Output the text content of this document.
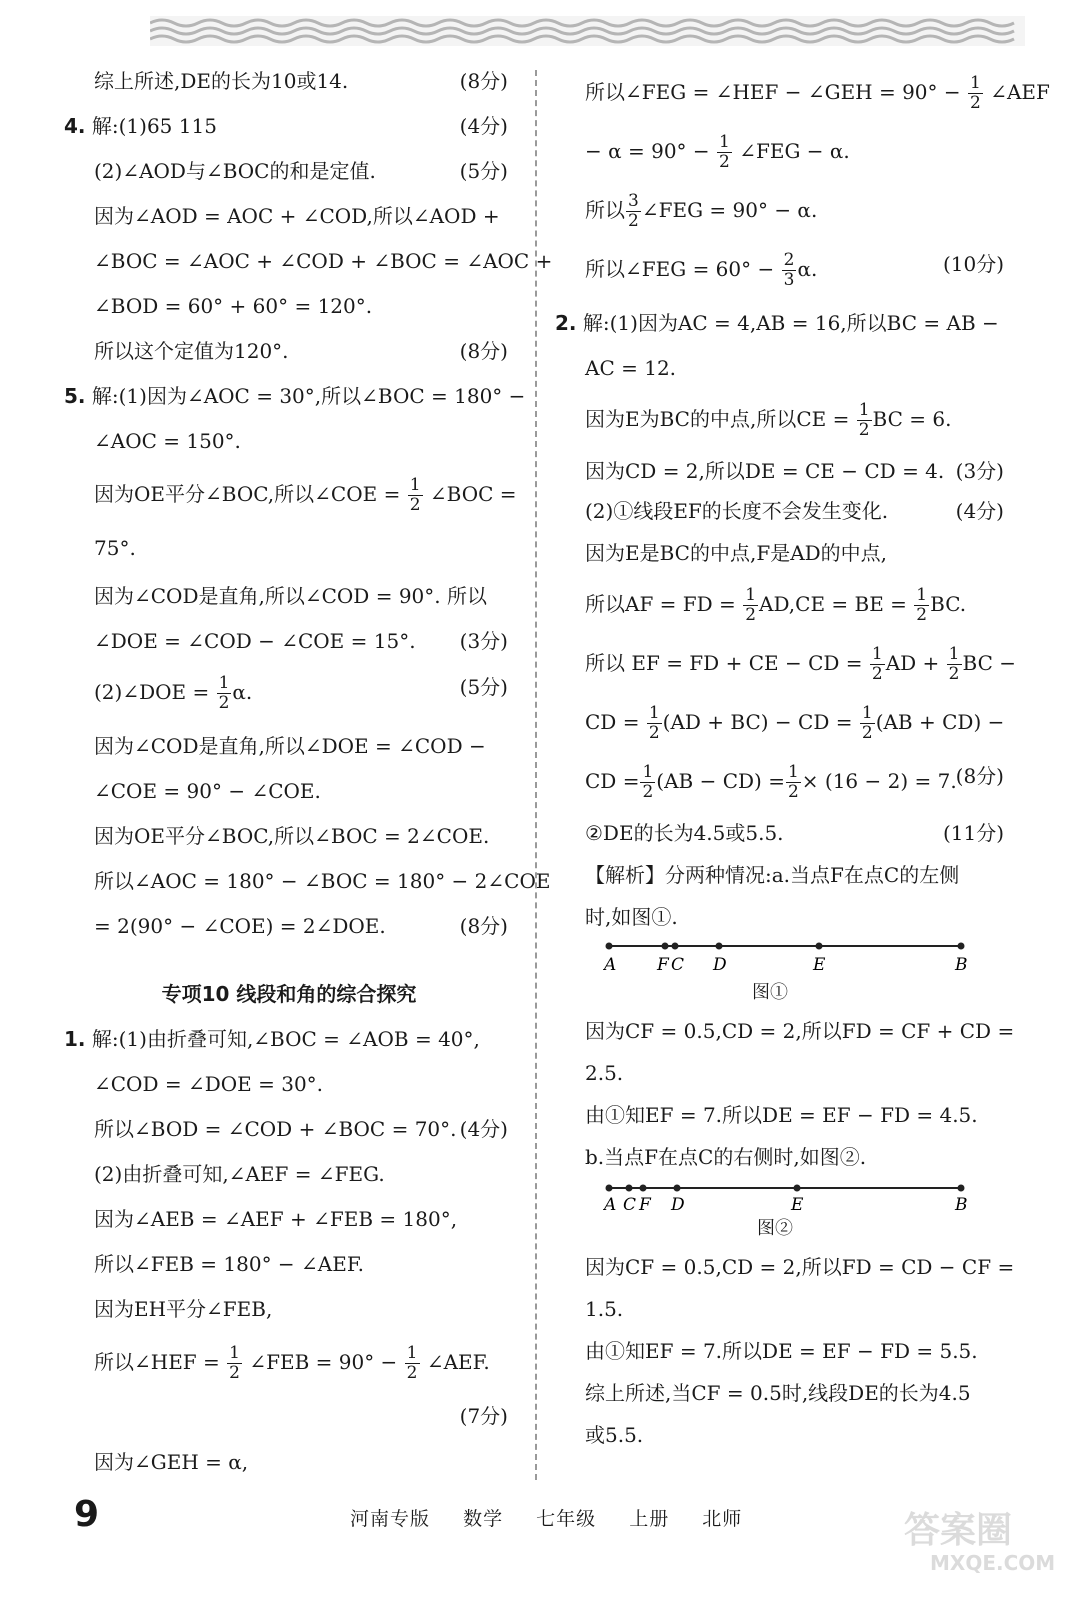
综上所述,DE的长为10或14.	(8分)
4. 解:(1)65 115	(4分)
(2)∠AOD与∠BOC的和是定值.	(5分)
因为∠AOD = AOC + ∠COD,所以∠AOD +
∠BOC = ∠AOC + ∠COD + ∠BOC = ∠AOC +
∠BOD = 60° + 60° = 120°.
所以这个定值为120°.	(8分)
5. 解:(1)因为∠AOC = 30°,所以∠BOC = 180° −
∠AOC = 150°.
因为OE平分∠BOC,所以∠COE = $\frac{1}{2}$ ∠BOC =
75°.
因为∠COD是直角,所以∠COD = 90°. 所以
∠DOE = ∠COD − ∠COE = 15°. (3分)
(2)∠DOE = $\frac{1}{2} \alpha$.	(5分)
因为∠COD是直角,所以∠DOE = ∠COD −
∠COE = 90° − ∠COE.
因为OE平分∠BOC,所以∠BOC = 2∠COE.
所以∠AOC = 180° − ∠BOC = 180° − 2∠COE
= 2(90° − ∠COE) = 2∠DOE.	(8分)
专项10 线段和角的综合探究
1. 解:(1)由折叠可知,∠BOC = ∠AOB = 40°,
∠COD = ∠DOE = 30°.
所以∠BOD = ∠COD + ∠BOC = 70°. (4分)
(2)由折叠可知,∠AEF = ∠FEG.
因为∠AEB = ∠AEF + ∠FEB = 180°,
所以∠FEB = 180° − ∠AEF.
因为EH平分∠FEB,
所以∠HEF = $\frac{1}{2}$ ∠FEB = $90^\circ - \frac{1}{2}$ ∠AEF.

(7分)
因为∠GEH = α,
所以∠FEG = ∠HEF − ∠GEH = $90^\circ - \frac{1}{2}$ ∠AEF
− $\alpha = 90^\circ - \frac{1}{2}$ ∠FEG − α.
所以 $\frac{3}{2}$ ∠FEG = 90° − α.
所以∠FEG = $60^\circ - \frac{2}{3} \alpha$.	(10分)
2. 解:(1)因为AC = 4,AB = 16,所以BC = AB −
AC = 12.
因为E为BC的中点,所以CE = $\frac{1}{2}$ BC = 6.
因为CD = 2,所以DE = CE − CD = 4. (3分)
(2)①线段EF的长度不会发生变化.	(4分)
因为E是BC的中点,F是AD的中点,
所以AF = FD = $\frac{1}{2} AD,CE$ = BE = $\frac{1}{2}$ BC.
所以 EF = FD + CE − CD = $\frac{1}{2}$ AD + $\frac{1}{2}$ BC −
CD = $\frac{1}{2} (AD + BC)$ − CD = $\frac{1}{2} (AB + CD)$ −
CD = $\frac{1}{2} (AB - CD) = \frac{1}{2} \times (16 - 2) = 7$.
(8分)
②DE的长为4.5或5.5.	(11分)
【解析】分两种情况:a.当点F在点C的左侧
时,如图①.
A F C D	E	B
图①
因为CF = 0.5,CD = 2,所以FD = CF + CD =
2.5.
由①知EF = 7.所以DE = EF − FD = 4.5.
b.当点F在点C的右侧时,如图②.
A C F D	E	B
图②
因为CF = 0.5,CD = 2,所以FD = CD − CF =
1.5.
由①知EF = 7.所以DE = EF − FD = 5.5.
综上所述,当CF = 0.5时,线段DE的长为4.5
或5.5.
9	河南专版 数学 七年级 上册 北师	答案圈
MXQE.COM
